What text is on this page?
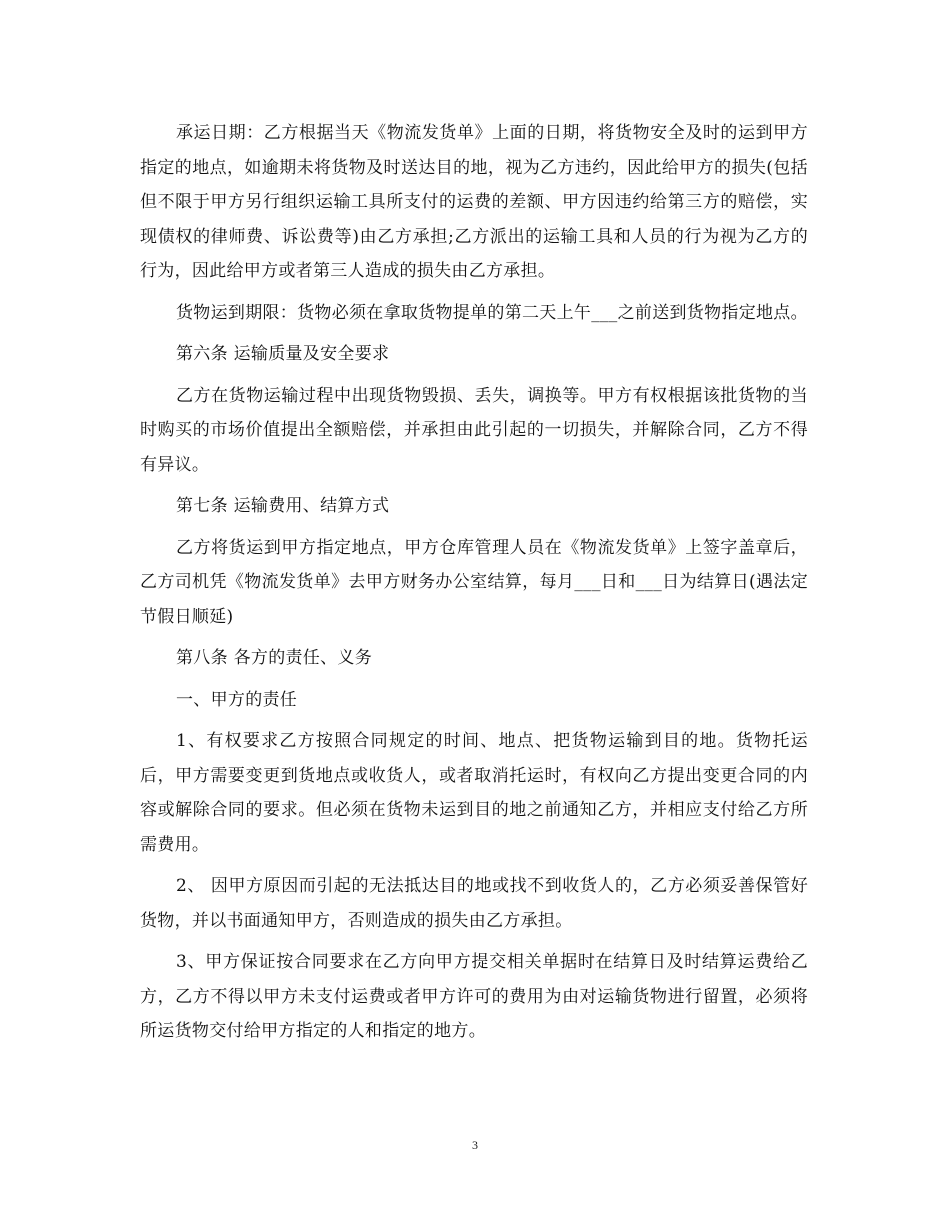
承运日期：乙方根据当天《物流发货单》上面的日期，将货物安全及时的运到甲方指定的地点，如逾期未将货物及时送达目的地，视为乙方违约，因此给甲方的损失(包括但不限于甲方另行组织运输工具所支付的运费的差额、甲方因违约给第三方的赔偿，实现债权的律师费、诉讼费等)由乙方承担;乙方派出的运输工具和人员的行为视为乙方的行为，因此给甲方或者第三人造成的损失由乙方承担。

货物运到期限：货物必须在拿取货物提单的第二天上午___之前送到货物指定地点。

第六条 运输质量及安全要求

乙方在货物运输过程中出现货物毁损、丢失，调换等。甲方有权根据该批货物的当时购买的市场价值提出全额赔偿，并承担由此引起的一切损失，并解除合同，乙方不得有异议。

第七条 运输费用、结算方式

乙方将货运到甲方指定地点，甲方仓库管理人员在《物流发货单》上签字盖章后，乙方司机凭《物流发货单》去甲方财务办公室结算，每月___日和___日为结算日(遇法定节假日顺延)

第八条 各方的责任、义务

一、甲方的责任

1、有权要求乙方按照合同规定的时间、地点、把货物运输到目的地。货物托运后，甲方需要变更到货地点或收货人，或者取消托运时，有权向乙方提出变更合同的内容或解除合同的要求。但必须在货物未运到目的地之前通知乙方，并相应支付给乙方所需费用。

2、 因甲方原因而引起的无法抵达目的地或找不到收货人的，乙方必须妥善保管好货物，并以书面通知甲方，否则造成的损失由乙方承担。

3、甲方保证按合同要求在乙方向甲方提交相关单据时在结算日及时结算运费给乙方，乙方不得以甲方未支付运费或者甲方许可的费用为由对运输货物进行留置，必须将所运货物交付给甲方指定的人和指定的地方。

3
